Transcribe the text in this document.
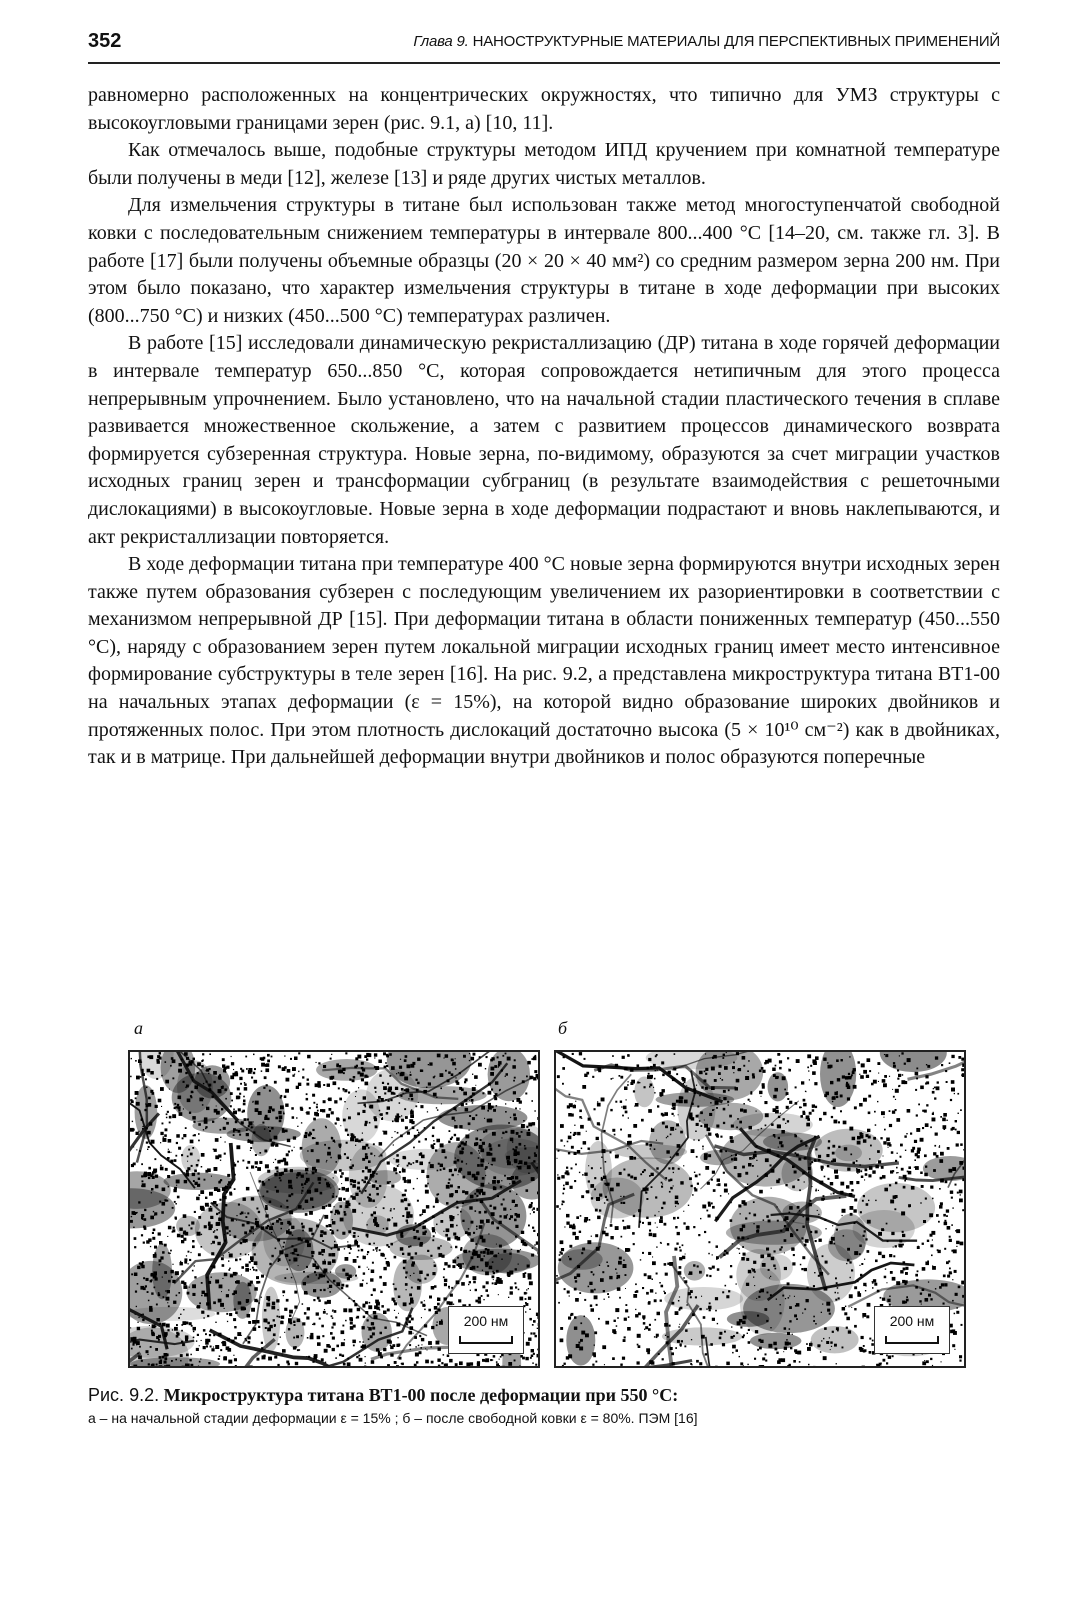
352	Глава 9. НАНОСТРУКТУРНЫЕ МАТЕРИАЛЫ ДЛЯ ПЕРСПЕКТИВНЫХ ПРИМЕНЕНИЙ

равномерно расположенных на концентрических окружностях, что типично для УМЗ структуры с высокоугловыми границами зерен (рис. 9.1, а) [10, 11].

Как отмечалось выше, подобные структуры методом ИПД кручением при комнатной температуре были получены в меди [12], железе [13] и ряде других чистых металлов.

Для измельчения структуры в титане был использован также метод многоступенчатой свободной ковки с последовательным снижением температуры в интервале 800...400 °C [14–20, см. также гл. 3]. В работе [17] были получены объемные образцы (20 × 20 × 40 мм²) со средним размером зерна 200 нм. При этом было показано, что характер измельчения структуры в титане в ходе деформации при высоких (800...750 °C) и низких (450...500 °C) температурах различен.

В работе [15] исследовали динамическую рекристаллизацию (ДР) титана в ходе горячей деформации в интервале температур 650...850 °C, которая сопровождается нетипичным для этого процесса непрерывным упрочнением. Было установлено, что на начальной стадии пластического течения в сплаве развивается множественное скольжение, а затем с развитием процессов динамического возврата формируется субзеренная структура. Новые зерна, по-видимому, образуются за счет миграции участков исходных границ зерен и трансформации субграниц (в результате взаимодействия с решеточными дислокациями) в высокоугловые. Новые зерна в ходе деформации подрастают и вновь наклепываются, и акт рекристаллизации повторяется.

В ходе деформации титана при температуре 400 °C новые зерна формируются внутри исходных зерен также путем образования субзерен с последующим увеличением их разориентировки в соответствии с механизмом непрерывной ДР [15]. При деформации титана в области пониженных температур (450...550 °C), наряду с образованием зерен путем локальной миграции исходных границ имеет место интенсивное формирование субструктуры в теле зерен [16]. На рис. 9.2, а представлена микроструктура титана ВТ1-00 на начальных этапах деформации (ε = 15%), на которой видно образование широких двойников и протяженных полос. При этом плотность дислокаций достаточно высока (5 × 10¹⁰ см⁻²) как в двойниках, так и в матрице. При дальнейшей деформации внутри двойников и полос образуются поперечные

а	б
200 нм	200 нм
Рис. 9.2. Микроструктура титана ВТ1-00 после деформации при 550 °C:
а – на начальной стадии деформации ε = 15% ; б – после свободной ковки ε = 80%. ПЭМ [16]
